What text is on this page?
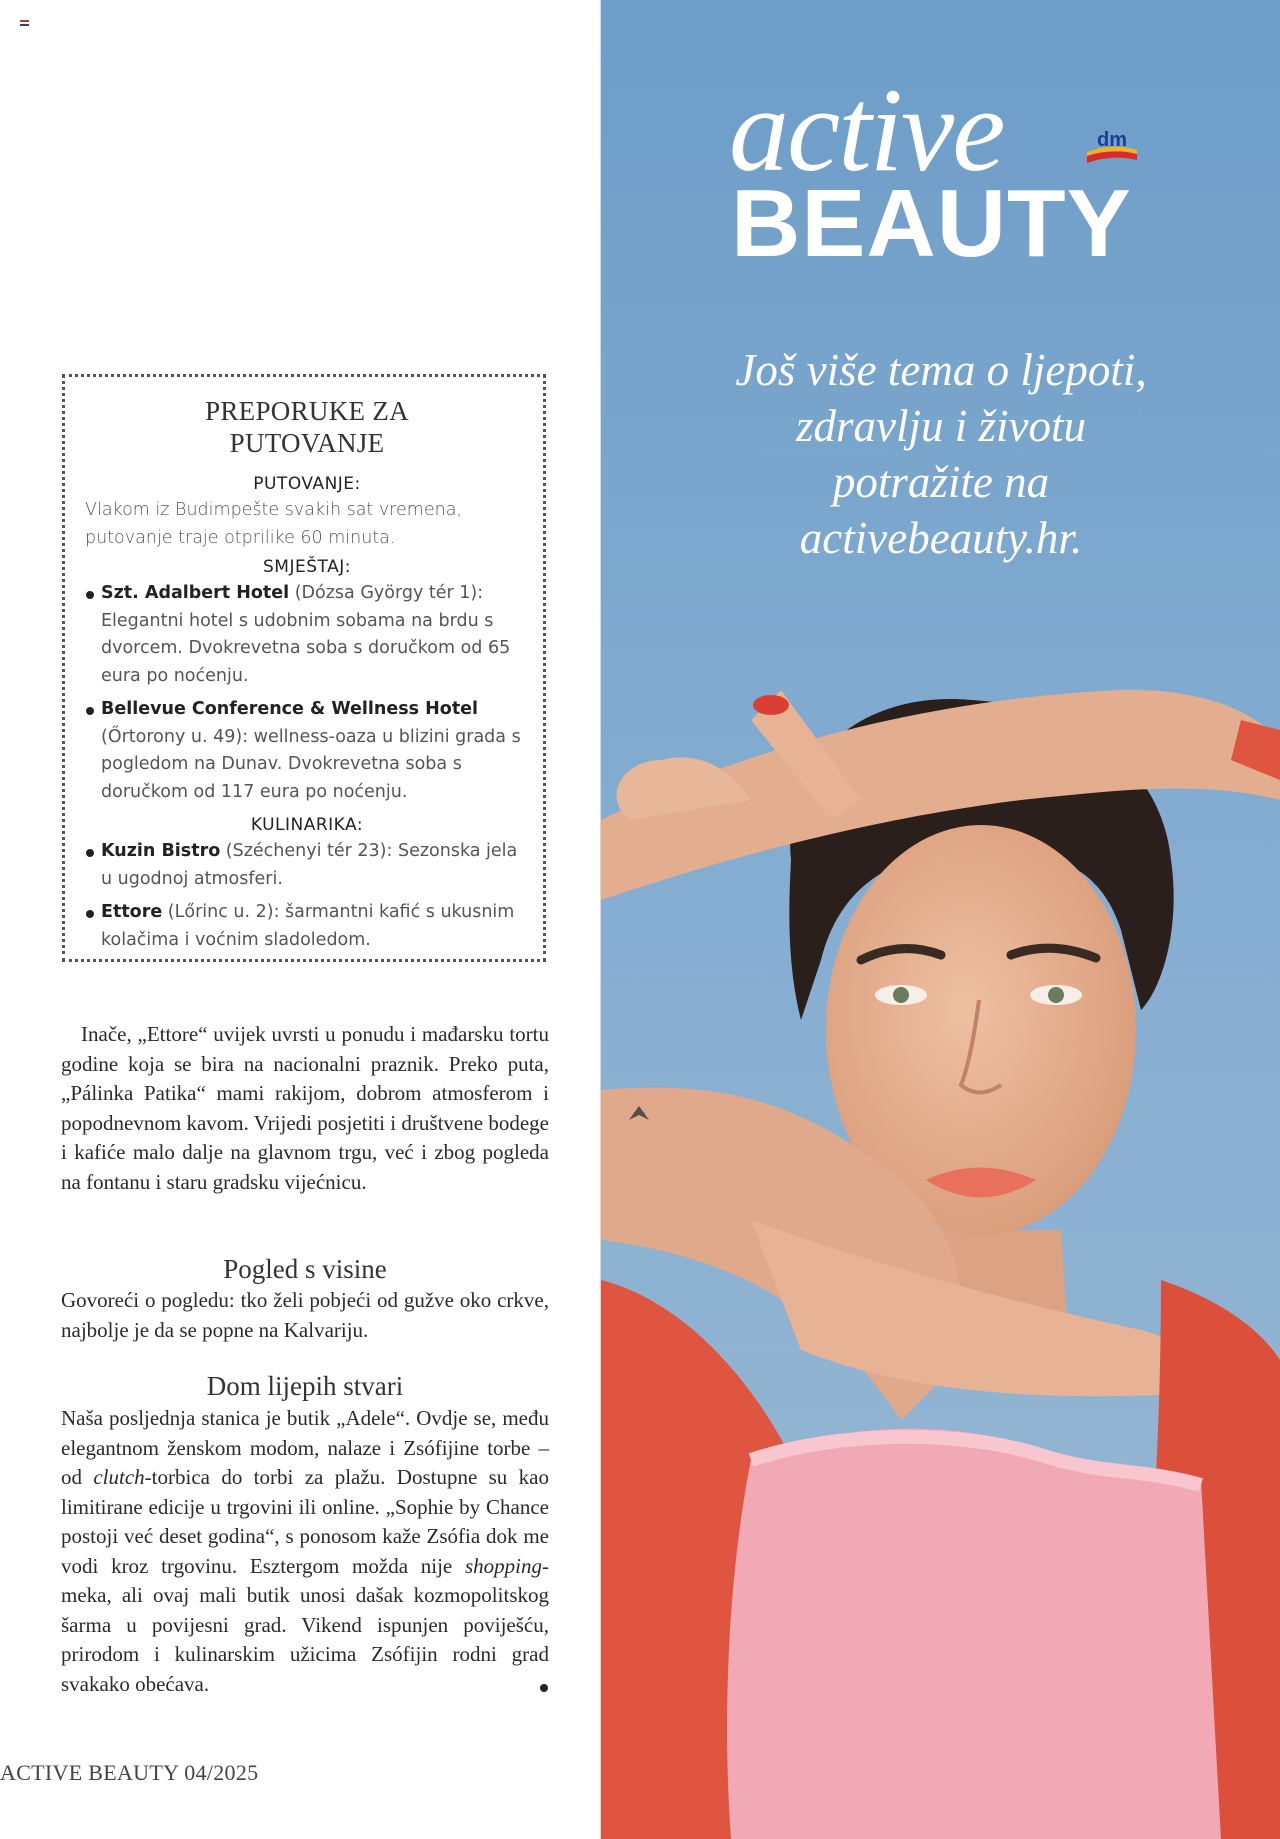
PREPORUKE ZA
PUTOVANJE

PUTOVANJE:

Vlakom iz Budimpešte svakih sat vremena, putovanje traje otprilike 60 minuta.

SMJEŠTAJ:
Szt. Adalbert Hotel (Dózsa György tér 1): Elegantni hotel s udobnim sobama na brdu s dvorcem. Dvokrevetna soba s doručkom od 65 eura po noćenju.
Bellevue Conference & Wellness Hotel (Őrtorony u. 49): wellness-oaza u blizini grada s pogledom na Dunav. Dvokrevetna soba s doručkom od 117 eura po noćenju.
KULINARIKA:
Kuzin Bistro (Széchenyi tér 23): Sezonska jela u ugodnoj atmosferi.
Ettore (Lőrinc u. 2): šarmantni kafić s ukusnim kolačima i voćnim sladoledom.

Inače, „Ettore“ uvijek uvrsti u ponudu i mađarsku tortu godine koja se bira na nacionalni praznik. Preko puta, „Pálinka Patika“ mami rakijom, dobrom atmosferom i popodnevnom kavom. Vrijedi posjetiti i društvene bodege i kafiće malo dalje na glavnom trgu, već i zbog pogleda na fontanu i staru gradsku vijećnicu.

Pogled s visine

Govoreći o pogledu: tko želi pobjeći od gužve oko crkve, najbolje je da se popne na Kalvariju.

Dom lijepih stvari

Naša posljednja stanica je butik „Adele“. Ovdje se, među elegantnom ženskom modom, nalaze i Zsófijine torbe – od clutch-torbica do torbi za plažu. Dostupne su kao limitirane edicije u trgovini ili online. „Sophie by Chance postoji već deset godina“, s ponosom kaže Zsófia dok me vodi kroz trgovinu. Esztergom možda nije shopping-meka, ali ovaj mali butik unosi dašak kozmopolitskog šarma u povijesni grad. Vikend ispunjen poviješću, prirodom i kulinarskim užicima Zsófijin rodni grad svakako obećava.

ACTIVE BEAUTY 04/2025
active
BEAUTY
dm

Još više tema o ljepoti, zdravlju i životu potražite na activebeauty.hr.
